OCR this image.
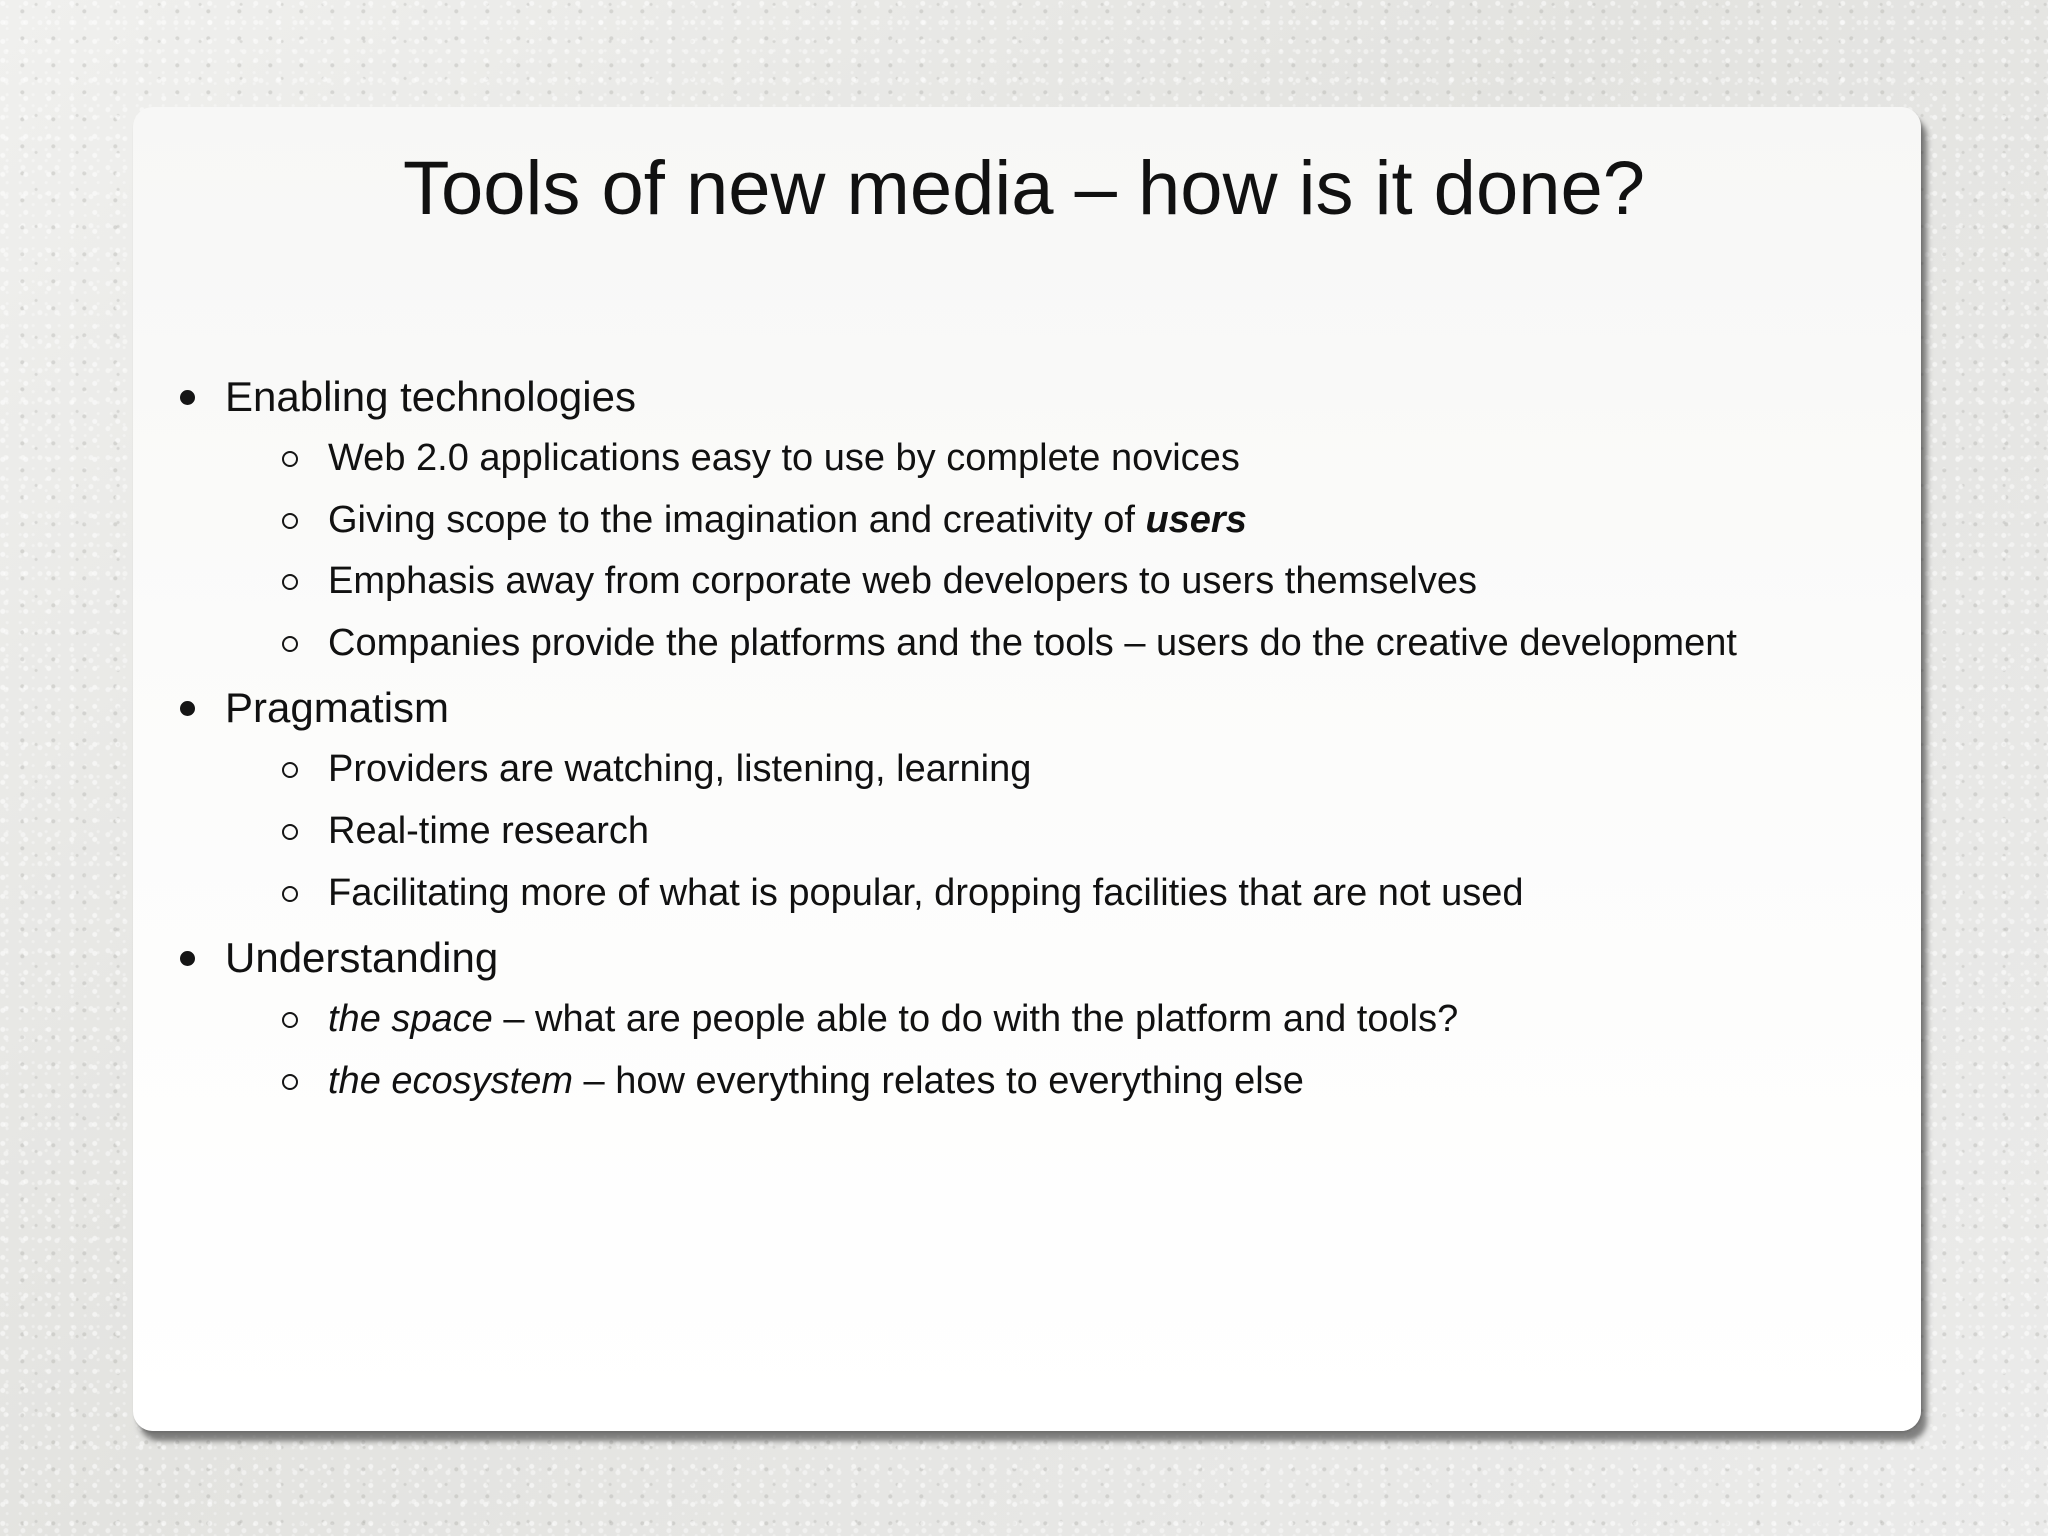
Tools of new media – how is it done?
Enabling technologies
Web 2.0 applications easy to use by complete novices
Giving scope to the imagination and creativity of users
Emphasis away from corporate web developers to users themselves
Companies provide the platforms and the tools – users do the creative development
Pragmatism
Providers are watching, listening, learning
Real-time research
Facilitating more of what is popular, dropping facilities that are not used
Understanding
the space – what are people able to do with the platform and tools?
the ecosystem – how everything relates to everything else
